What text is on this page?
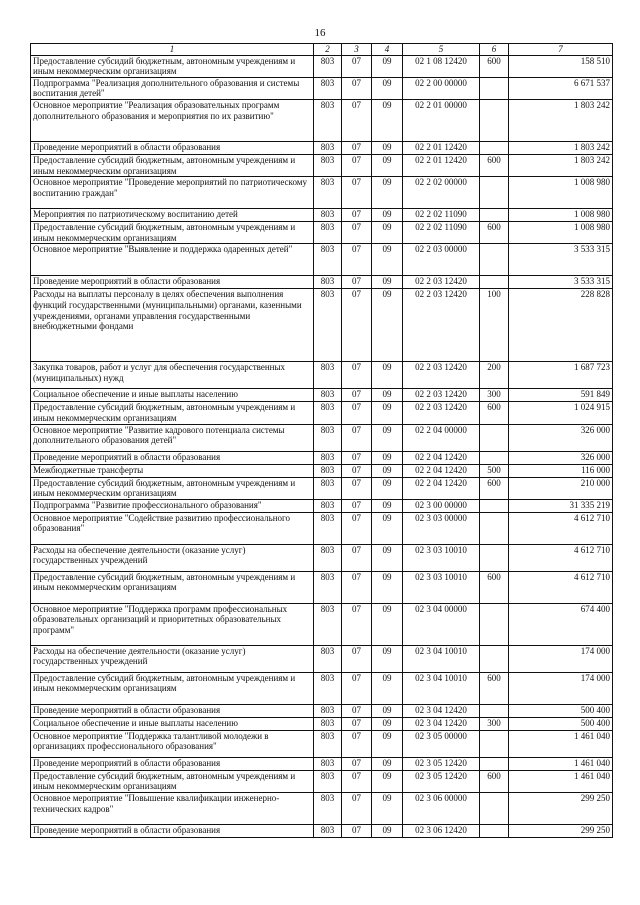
16
1	2	3	4	5	6	7
Предоставление субсидий бюджетным, автономным учреждениям и иным некоммерческим организациям	803	07	09	02 1 08 12420	600	158 510
Подпрограмма "Реализация дополнительного образования и системы воспитания детей"	803	07	09	02 2 00 00000		6 671 537
Основное мероприятие "Реализация образовательных программ дополнительного образования и мероприятия по их развитию"	803	07	09	02 2 01 00000		1 803 242
Проведение мероприятий в области образования	803	07	09	02 2 01 12420		1 803 242
Предоставление субсидий бюджетным, автономным учреждениям и иным некоммерческим организациям	803	07	09	02 2 01 12420	600	1 803 242
Основное мероприятие "Проведение мероприятий по патриотическому воспитанию граждан"	803	07	09	02 2 02 00000		1 008 980
Мероприятия по патриотическому воспитанию детей	803	07	09	02 2 02 11090		1 008 980
Предоставление субсидий бюджетным, автономным учреждениям и иным некоммерческим организациям	803	07	09	02 2 02 11090	600	1 008 980
Основное мероприятие "Выявление и поддержка одаренных детей"	803	07	09	02 2 03 00000		3 533 315
Проведение мероприятий в области образования	803	07	09	02 2 03 12420		3 533 315
Расходы на выплаты персоналу в целях обеспечения выполнения функций государственными (муниципальными) органами, казенными учреждениями, органами управления государственными внебюджетными фондами	803	07	09	02 2 03 12420	100	228 828
Закупка товаров, работ и услуг для обеспечения государственных (муниципальных) нужд	803	07	09	02 2 03 12420	200	1 687 723
Социальное обеспечение и иные выплаты населению	803	07	09	02 2 03 12420	300	591 849
Предоставление субсидий бюджетным, автономным учреждениям и иным некоммерческим организациям	803	07	09	02 2 03 12420	600	1 024 915
Основное мероприятие "Развитие кадрового потенциала системы дополнительного образования детей"	803	07	09	02 2 04 00000		326 000
Проведение мероприятий в области образования	803	07	09	02 2 04 12420		326 000
Межбюджетные трансферты	803	07	09	02 2 04 12420	500	116 000
Предоставление субсидий бюджетным, автономным учреждениям и иным некоммерческим организациям	803	07	09	02 2 04 12420	600	210 000
Подпрограмма "Развитие профессионального образования"	803	07	09	02 3 00 00000		31 335 219
Основное мероприятие "Содействие развитию профессионального образования"	803	07	09	02 3 03 00000		4 612 710
Расходы на обеспечение деятельности (оказание услуг) государственных учреждений	803	07	09	02 3 03 10010		4 612 710
Предоставление субсидий бюджетным, автономным учреждениям и иным некоммерческим организациям	803	07	09	02 3 03 10010	600	4 612 710
Основное мероприятие "Поддержка программ профессиональных образовательных организаций и приоритетных образовательных программ"	803	07	09	02 3 04 00000		674 400
Расходы на обеспечение деятельности (оказание услуг) государственных учреждений	803	07	09	02 3 04 10010		174 000
Предоставление субсидий бюджетным, автономным учреждениям и иным некоммерческим организациям	803	07	09	02 3 04 10010	600	174 000
Проведение мероприятий в области образования	803	07	09	02 3 04 12420		500 400
Социальное обеспечение и иные выплаты населению	803	07	09	02 3 04 12420	300	500 400
Основное мероприятие "Поддержка талантливой молодежи в организациях профессионального образования"	803	07	09	02 3 05 00000		1 461 040
Проведение мероприятий в области образования	803	07	09	02 3 05 12420		1 461 040
Предоставление субсидий бюджетным, автономным учреждениям и иным некоммерческим организациям	803	07	09	02 3 05 12420	600	1 461 040
Основное мероприятие "Повышение квалификации инженерно-технических кадров"	803	07	09	02 3 06 00000		299 250
Проведение мероприятий в области образования	803	07	09	02 3 06 12420		299 250
